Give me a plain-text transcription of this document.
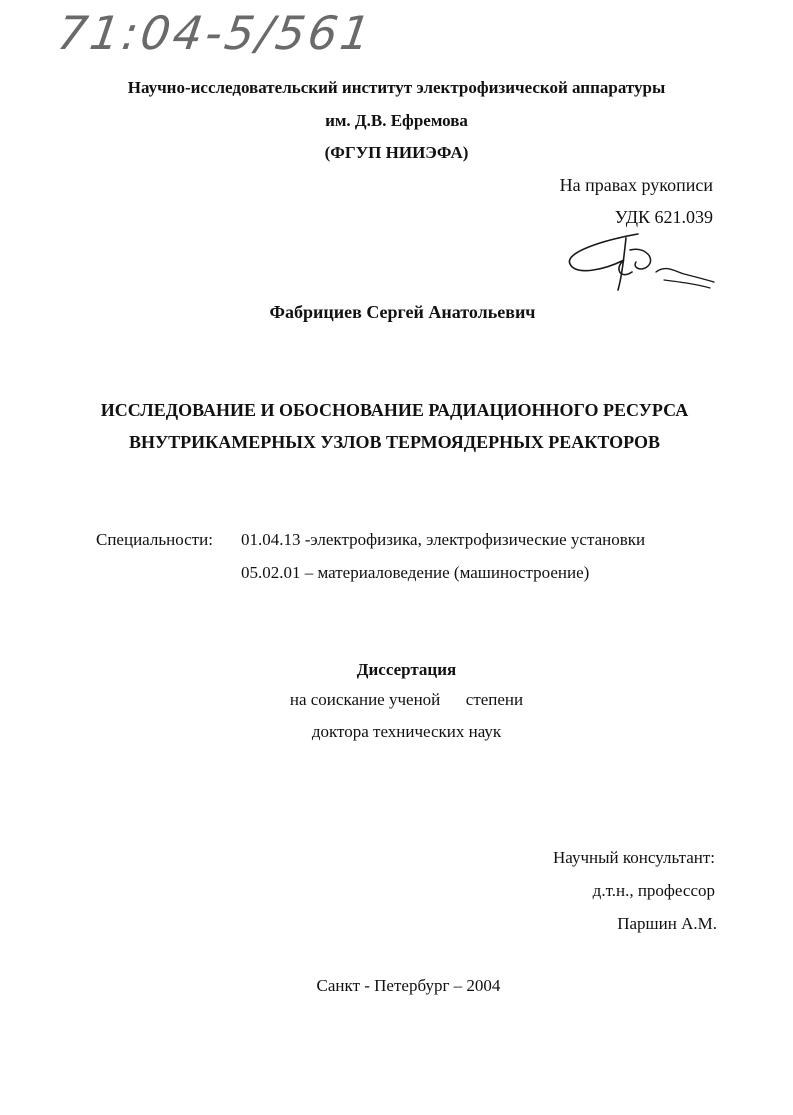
71:04-5/561
Научно-исследовательский институт электрофизической аппаратуры
им. Д.В. Ефремова
(ФГУП НИИЭФА)
На правах рукописи
УДК 621.039
Фабрициев Сергей Анатольевич
ИССЛЕДОВАНИЕ И ОБОСНОВАНИЕ РАДИАЦИОННОГО РЕСУРСА
ВНУТРИКАМЕРНЫХ УЗЛОВ ТЕРМОЯДЕРНЫХ РЕАКТОРОВ
Специальности: 01.04.13 -электрофизика, электрофизические установки
05.02.01 – материаловедение (машиностроение)
Диссертация
на соискание ученой      степени
доктора технических наук
Научный консультант:
д.т.н., профессор
Паршин А.М.
Санкт - Петербург – 2004
